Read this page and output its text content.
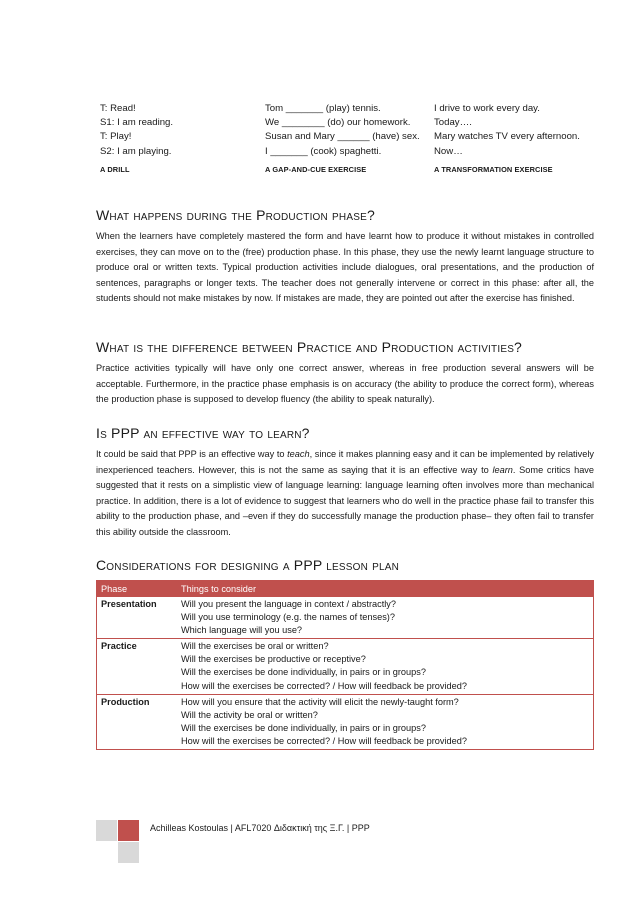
T: Read!
S1: I am reading.
T: Play!
S2: I am playing.
A DRILL
Tom _______ (play) tennis.
We ________ (do) our homework.
Susan and Mary ______ (have) sex.
I _______ (cook) spaghetti.
A GAP-AND-CUE EXERCISE
I drive to work every day.
Today….
Mary watches TV every afternoon.
Now…
A TRANSFORMATION EXERCISE
What happens during the Production phase?

When the learners have completely mastered the form and have learnt how to produce it without mistakes in controlled exercises, they can move on to the (free) production phase. In this phase, they use the newly learnt language structure to produce oral or written texts. Typical production activities include dialogues, oral presentations, and the production of sentences, paragraphs or longer texts. The teacher does not generally intervene or correct in this phase: after all, the students should not make mistakes by now. If mistakes are made, they are pointed out after the exercise has finished.

What is the difference between Practice and Production activities?

Practice activities typically will have only one correct answer, whereas in free production several answers will be acceptable. Furthermore, in the practice phase emphasis is on accuracy (the ability to produce the correct form), whereas the production phase is supposed to develop fluency (the ability to speak naturally).

Is PPP an effective way to learn?

It could be said that PPP is an effective way to teach, since it makes planning easy and it can be implemented by relatively inexperienced teachers. However, this is not the same as saying that it is an effective way to learn. Some critics have suggested that it rests on a simplistic view of language learning: language learning often involves more than mechanical practice. In addition, there is a lot of evidence to suggest that learners who do well in the practice phase fail to transfer this ability to the production phase, and –even if they do successfully manage the production phase– they often fail to transfer this ability outside the classroom.

Considerations for designing a PPP lesson plan
Phase	Things to consider
Presentation	Will you present the language in context / abstractly?
Will you use terminology (e.g. the names of tenses)?
Which language will you use?

Practice	Will the exercises be oral or written?
Will the exercises be productive or receptive?
Will the exercises be done individually, in pairs or in groups?
How will the exercises be corrected? / How will feedback be provided?

Production	How will you ensure that the activity will elicit the newly-taught form?
Will the activity be oral or written?
Will the exercises be done individually, in pairs or in groups?
How will the exercises be corrected? / How will feedback be provided?
Achilleas Kostoulas | AFL7020 Διδακτική της Ξ.Γ. | PPP
